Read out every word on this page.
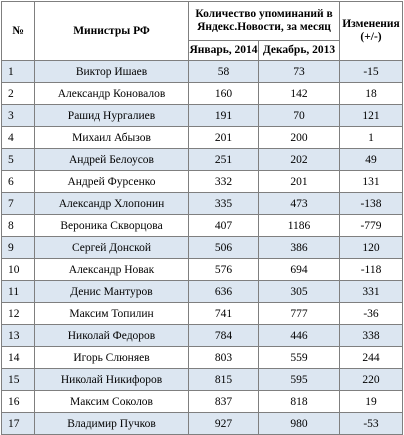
№	Министры РФ	Количество упоминаний в Яндекс.Новости, за месяц		Изменения (+/-)
		Январь, 2014	Декабрь, 2013	
1	Виктор Ишаев	58	73	-15
2	Александр Коновалов	160	142	18
3	Рашид Нургалиев	191	70	121
4	Михаил Абызов	201	200	1
5	Андрей Белоусов	251	202	49
6	Андрей Фурсенко	332	201	131
7	Александр Хлопонин	335	473	-138
8	Вероника Скворцова	407	1186	-779
9	Сергей Донской	506	386	120
10	Александр Новак	576	694	-118
11	Денис Мантуров	636	305	331
12	Максим Топилин	741	777	-36
13	Николай Федоров	784	446	338
14	Игорь Слюняев	803	559	244
15	Николай Никифоров	815	595	220
16	Максим Соколов	837	818	19
17	Владимир Пучков	927	980	-53
